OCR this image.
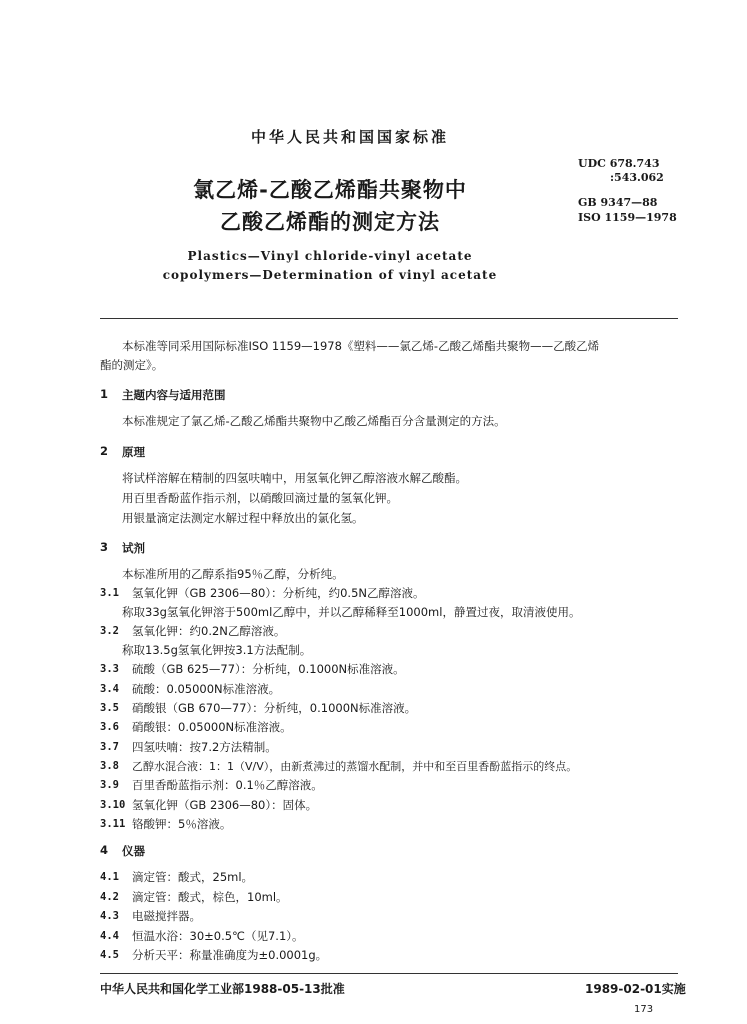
中华人民共和国国家标准
UDC 678.743
:543.062
GB 9347—88
ISO 1159—1978
氯乙烯-乙酸乙烯酯共聚物中
乙酸乙烯酯的测定方法
Plastics—Vinyl chloride-vinyl acetate
copolymers—Determination of vinyl acetate
本标准等同采用国际标准ISO 1159—1978《塑料——氯乙烯-乙酸乙烯酯共聚物——乙酸乙烯
酯的测定》。
1 主题内容与适用范围
本标准规定了氯乙烯-乙酸乙烯酯共聚物中乙酸乙烯酯百分含量测定的方法。
2 原理
将试样溶解在精制的四氢呋喃中，用氢氧化钾乙醇溶液水解乙酸酯。
用百里香酚蓝作指示剂，以硝酸回滴过量的氢氧化钾。
用银量滴定法测定水解过程中释放出的氯化氢。
3 试剂
本标准所用的乙醇系指95％乙醇，分析纯。
3.1 氢氧化钾（GB 2306—80）：分析纯，约0.5N乙醇溶液。
称取33g氢氧化钾溶于500ml乙醇中，并以乙醇稀释至1000ml，静置过夜，取清液使用。
3.2 氢氧化钾：约0.2N乙醇溶液。
称取13.5g氢氧化钾按3.1方法配制。
3.3 硫酸（GB 625—77）：分析纯，0.1000N标准溶液。
3.4 硫酸：0.05000N标准溶液。
3.5 硝酸银（GB 670—77）：分析纯，0.1000N标准溶液。
3.6 硝酸银：0.05000N标准溶液。
3.7 四氢呋喃：按7.2方法精制。
3.8 乙醇水混合液：1：1（V/V），由新煮沸过的蒸馏水配制，并中和至百里香酚蓝指示的终点。
3.9 百里香酚蓝指示剂：0.1％乙醇溶液。
3.10 氢氧化钾（GB 2306—80）：固体。
3.11 铬酸钾：5％溶液。
4 仪器
4.1 滴定管：酸式，25ml。
4.2 滴定管：酸式，棕色，10ml。
4.3 电磁搅拌器。
4.4 恒温水浴：30±0.5℃（见7.1）。
4.5 分析天平：称量准确度为±0.0001g。
中华人民共和国化学工业部1988-05-13批准	1989-02-01实施
173
